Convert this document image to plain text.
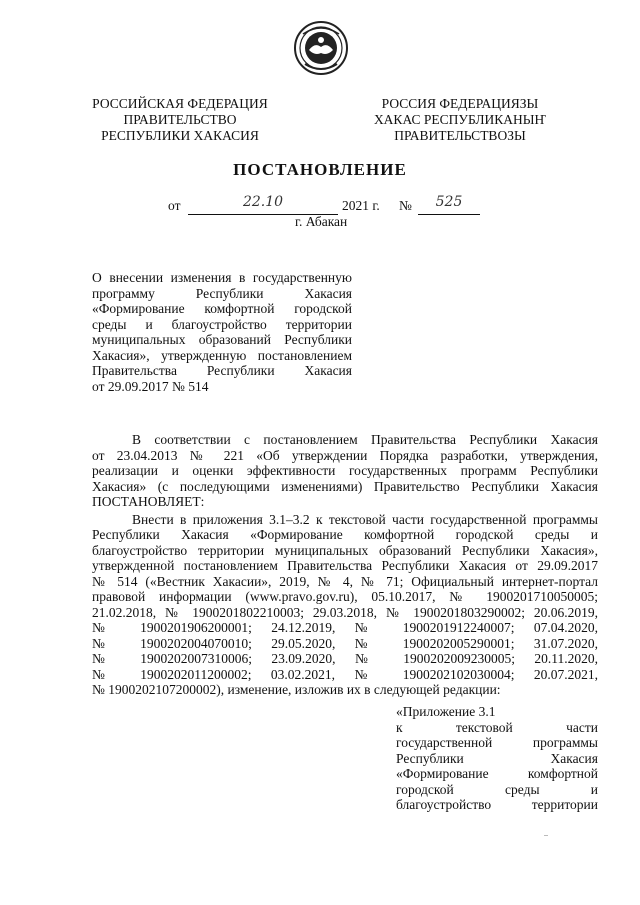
РОССИЙСКАЯ ФЕДЕРАЦИЯ
ПРАВИТЕЛЬСТВО
РЕСПУБЛИКИ ХАКАСИЯ
РОССИЯ ФЕДЕРАЦИЯЗЫ
ХАКАС РЕСПУБЛИКАНЫҤ
ПРАВИТЕЛЬСТВОЗЫ
ПОСТАНОВЛЕНИЕ
от	22.10	2021 г. №	525
г. Абакан
О внесении изменения в государственную
программу Республики Хакасия
«Формирование комфортной городской
среды и благоустройство территории
муниципальных образований Республики
Хакасия», утвержденную постановлением
Правительства Республики Хакасия
от 29.09.2017 № 514
В соответствии с постановлением Правительства Республики Хакасия
от 23.04.2013 № 221 «Об утверждении Порядка разработки, утверждения,
реализации и оценки эффективности государственных программ Республики
Хакасия» (с последующими изменениями) Правительство Республики Хакасия
ПОСТАНОВЛЯЕТ:
Внести в приложения 3.1–3.2 к текстовой части государственной программы
Республики Хакасия «Формирование комфортной городской среды и
благоустройство территории муниципальных образований Республики Хакасия»,
утвержденной постановлением Правительства Республики Хакасия от 29.09.2017
№ 514 («Вестник Хакасии», 2019, № 4, № 71; Официальный интернет-портал
правовой информации (www.pravo.gov.ru), 05.10.2017, № 1900201710050005;
21.02.2018, № 1900201802210003; 29.03.2018, № 1900201803290002; 20.06.2019,
№ 1900201906200001; 24.12.2019, № 1900201912240007; 07.04.2020,
№ 1900202004070010; 29.05.2020, № 1900202005290001; 31.07.2020,
№ 1900202007310006; 23.09.2020, № 1900202009230005; 20.11.2020,
№ 1900202011200002; 03.02.2021, № 1900202102030004; 20.07.2021,
№ 1900202107200002), изменение, изложив их в следующей редакции:
«Приложение 3.1
к текстовой части
государственной программы
Республики Хакасия
«Формирование комфортной
городской среды и
благоустройство территории
